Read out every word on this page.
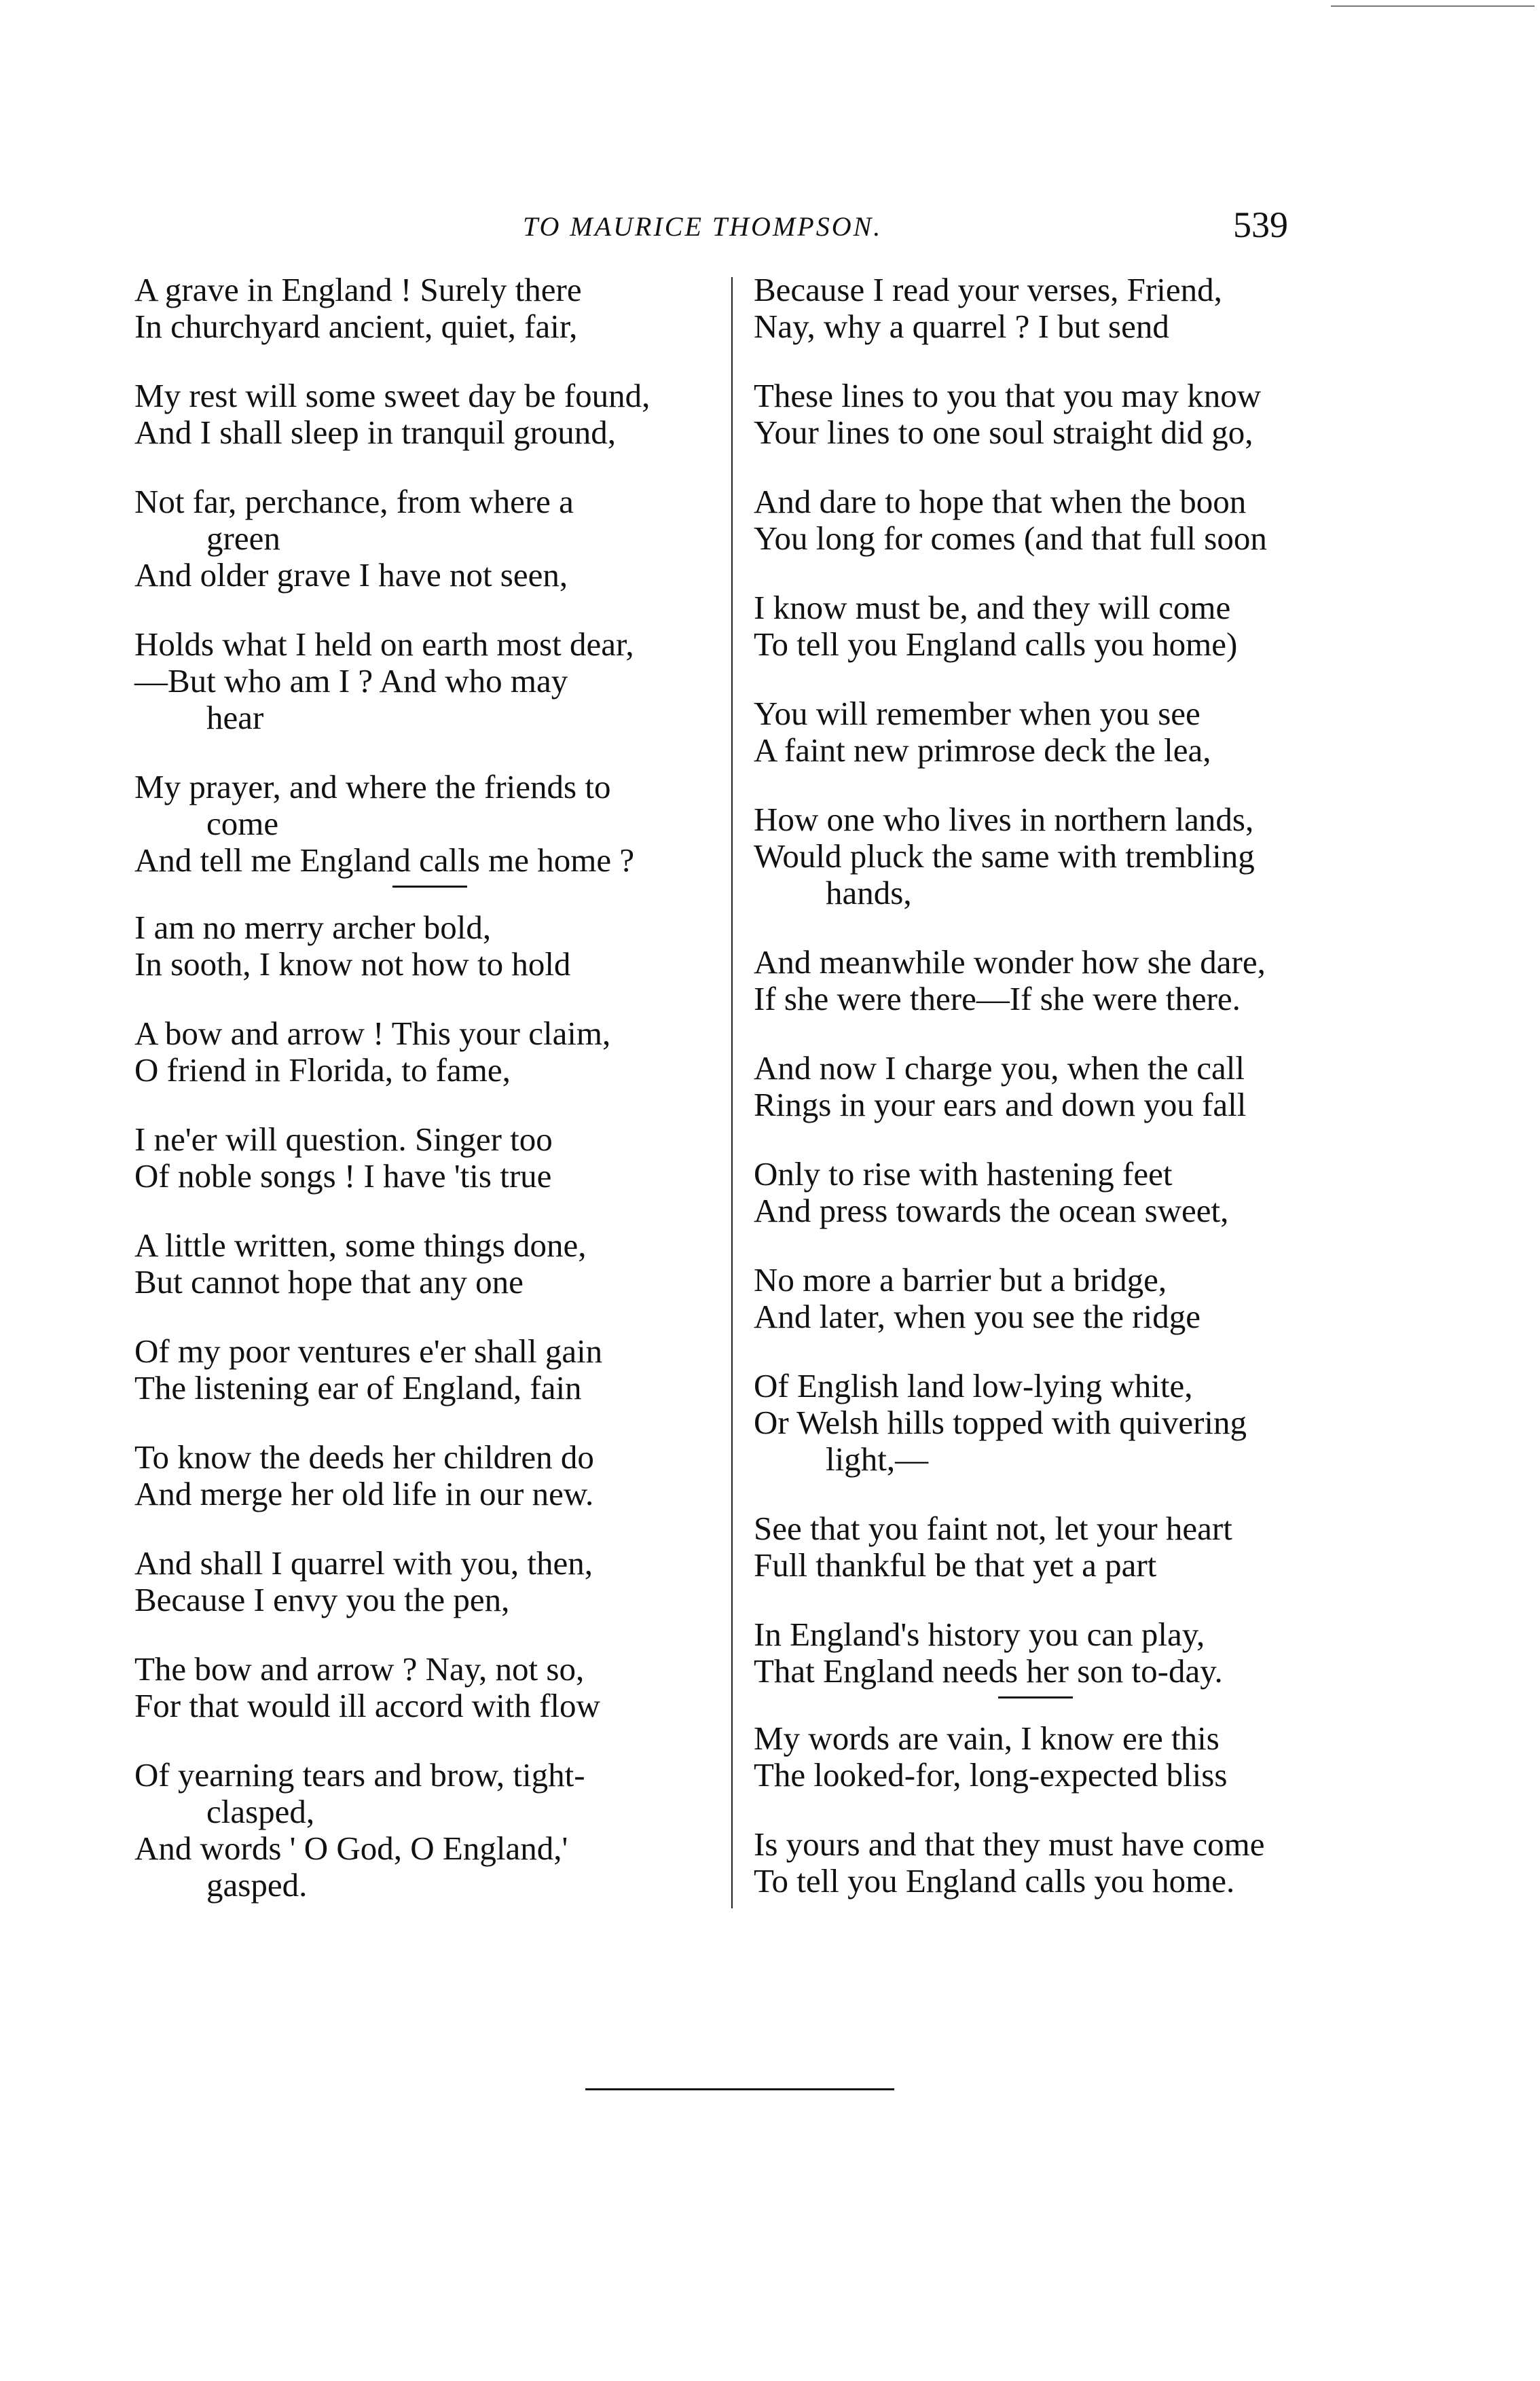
TO MAURICE THOMPSON.	539
A grave in England ! Surely there
In churchyard ancient, quiet, fair,
My rest will some sweet day be found,
And I shall sleep in tranquil ground,
Not far, perchance, from where a
green
And older grave I have not seen,
Holds what I held on earth most dear,
—But who am I ? And who may
hear
My prayer, and where the friends to
come
And tell me England calls me home ?
I am no merry archer bold,
In sooth, I know not how to hold
A bow and arrow ! This your claim,
O friend in Florida, to fame,
I ne'er will question. Singer too
Of noble songs ! I have 'tis true
A little written, some things done,
But cannot hope that any one
Of my poor ventures e'er shall gain
The listening ear of England, fain
To know the deeds her children do
And merge her old life in our new.
And shall I quarrel with you, then,
Because I envy you the pen,
The bow and arrow ? Nay, not so,
For that would ill accord with flow
Of yearning tears and brow, tight-
clasped,
And words ' O God, O England,'
gasped.
Because I read your verses, Friend,
Nay, why a quarrel ? I but send
These lines to you that you may know
Your lines to one soul straight did go,
And dare to hope that when the boon
You long for comes (and that full soon
I know must be, and they will come
To tell you England calls you home)
You will remember when you see
A faint new primrose deck the lea,
How one who lives in northern lands,
Would pluck the same with trembling
hands,
And meanwhile wonder how she dare,
If she were there—If she were there.
And now I charge you, when the call
Rings in your ears and down you fall
Only to rise with hastening feet
And press towards the ocean sweet,
No more a barrier but a bridge,
And later, when you see the ridge
Of English land low-lying white,
Or Welsh hills topped with quivering
light,—
See that you faint not, let your heart
Full thankful be that yet a part
In England's history you can play,
That England needs her son to-day.
My words are vain, I know ere this
The looked-for, long-expected bliss
Is yours and that they must have come
To tell you England calls you home.
